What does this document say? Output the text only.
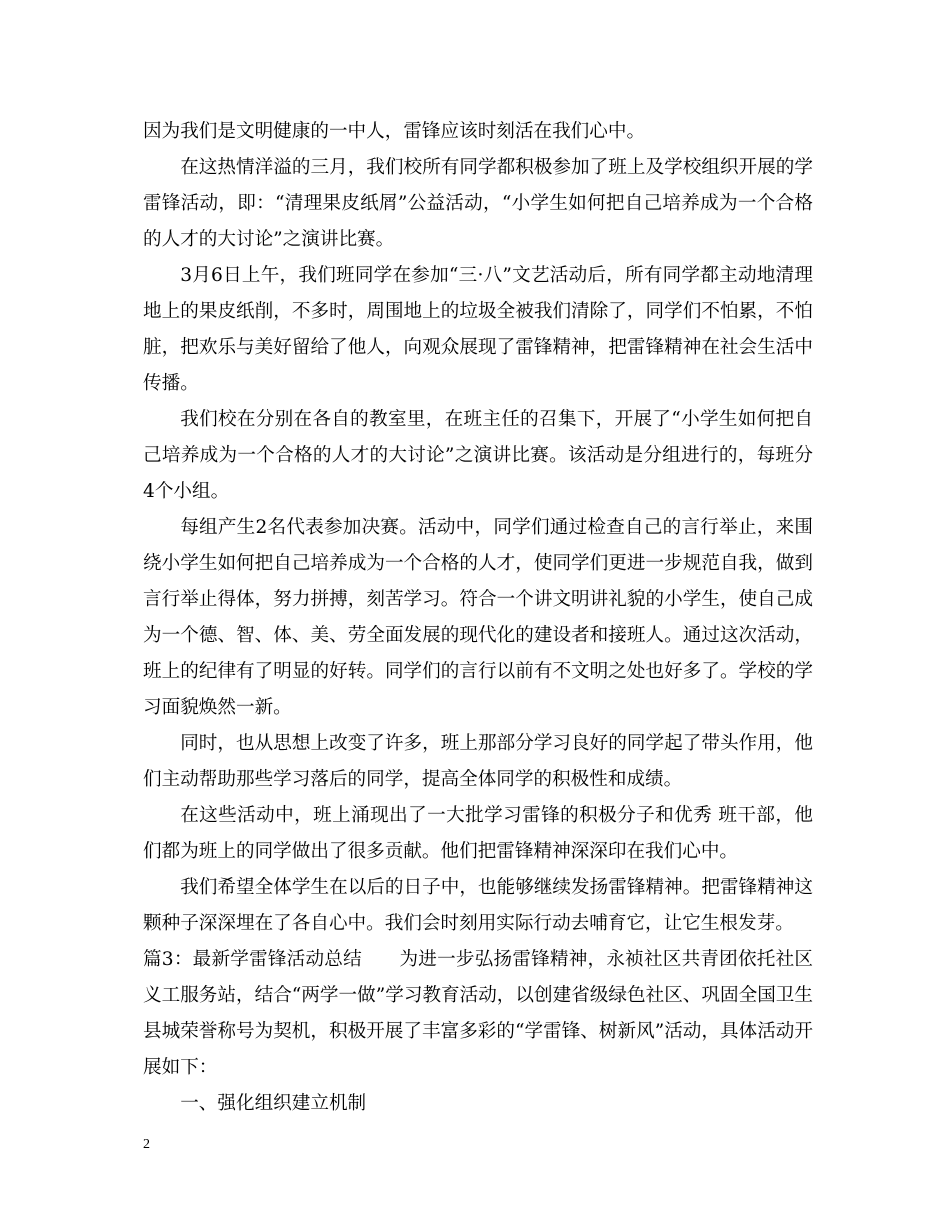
因为我们是文明健康的一中人，雷锋应该时刻活在我们心中。

在这热情洋溢的三月，我们校所有同学都积极参加了班上及学校组织开展的学雷锋活动，即：“清理果皮纸屑”公益活动，“小学生如何把自己培养成为一个合格的人才的大讨论”之演讲比赛。

3月6日上午，我们班同学在参加“三·八”文艺活动后，所有同学都主动地清理地上的果皮纸削，不多时，周围地上的垃圾全被我们清除了，同学们不怕累，不怕脏，把欢乐与美好留给了他人，向观众展现了雷锋精神，把雷锋精神在社会生活中传播。

我们校在分别在各自的教室里，在班主任的召集下，开展了“小学生如何把自己培养成为一个合格的人才的大讨论”之演讲比赛。该活动是分组进行的，每班分4个小组。

每组产生2名代表参加决赛。活动中，同学们通过检查自己的言行举止，来围绕小学生如何把自己培养成为一个合格的人才，使同学们更进一步规范自我，做到言行举止得体，努力拼搏，刻苦学习。符合一个讲文明讲礼貌的小学生，使自己成为一个德、智、体、美、劳全面发展的现代化的建设者和接班人。通过这次活动，班上的纪律有了明显的好转。同学们的言行以前有不文明之处也好多了。学校的学习面貌焕然一新。

同时，也从思想上改变了许多，班上那部分学习良好的同学起了带头作用，他们主动帮助那些学习落后的同学，提高全体同学的积极性和成绩。

在这些活动中，班上涌现出了一大批学习雷锋的积极分子和优秀 班干部，他们都为班上的同学做出了很多贡献。他们把雷锋精神深深印在我们心中。

我们希望全体学生在以后的日子中，也能够继续发扬雷锋精神。把雷锋精神这颗种子深深埋在了各自心中。我们会时刻用实际行动去哺育它，让它生根发芽。

篇3：最新学雷锋活动总结　　为进一步弘扬雷锋精神，永祯社区共青团依托社区义工服务站，结合“两学一做”学习教育活动，以创建省级绿色社区、巩固全国卫生县城荣誉称号为契机，积极开展了丰富多彩的“学雷锋、树新风”活动，具体活动开展如下：

一、强化组织建立机制

2
